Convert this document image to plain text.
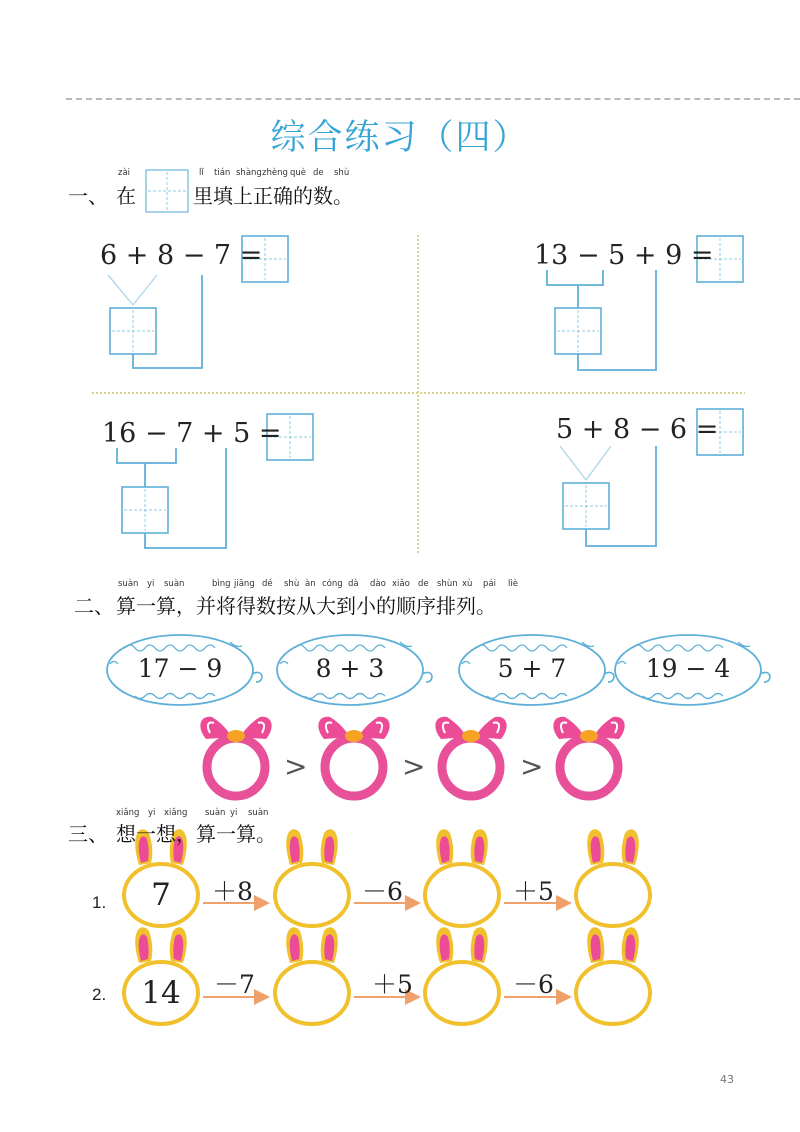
综合练习（四）
zài	lǐ tián shàng zhèng què de shù
一、 在	里填上正确的数。
6 + 8 − 7 =	13 − 5 + 9 =
16 − 7 + 5 =	5 + 8 − 6 =
suàn yi suàn	bìng jiāng dé shù àn cóng dà dào xiǎo de shùn xù pái liè
二、 算一算，并将得数按从大到小的顺序排列。
17 − 9	8 + 3	5 + 7	19 − 4
>	>	>
xiǎng yi xiǎng suàn yi suàn
三、 想一想，算一算。
1.	7	＋8	－6	＋5
2.	14	－7	＋5	－6
43
